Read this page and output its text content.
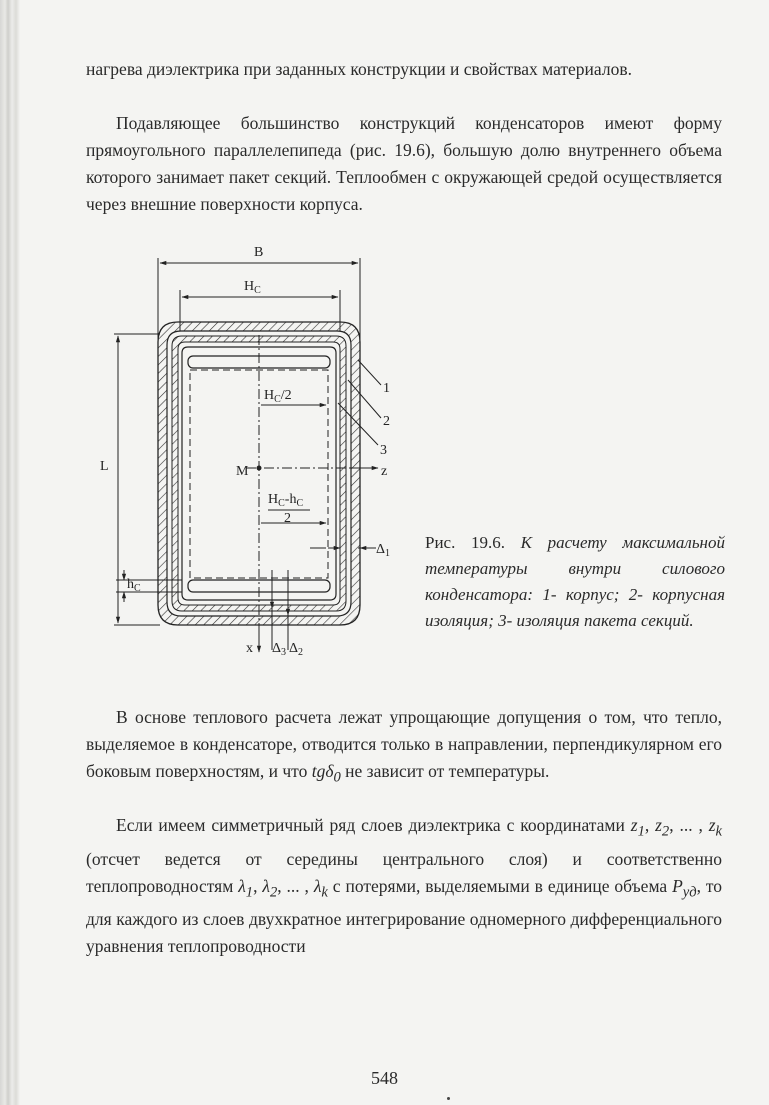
нагрева диэлектрика при заданных конструкции и свойствах материалов.

Подавляющее большинство конструкций конденсаторов имеют форму прямоугольного параллелепипеда (рис. 19.6), большую долю внутреннего объема которого занимает пакет секций. Теплообмен с окружающей средой осуществляется через внешние поверхности корпуса.

B
$H_C$
L
$H_C/2$
M	z
$H_C-h_C$
2
$h_C$
x $\Delta_3$ $\Delta_2$
$\Delta_1$
1
2
3

Рис. 19.6. К расчету максимальной температуры внутри силового конденсатора: 1- корпус; 2- корпусная изоляция; 3- изоляция пакета секций.

В основе теплового расчета лежат упрощающие допущения о том, что тепло, выделяемое в конденсаторе, отводится только в направлении, перпендикулярном его боковым поверхностям, и что tgδ$_0$ не зависит от температуры.

Если имеем симметричный ряд слоев диэлектрика с координатами $z_1$, $z_2$, ... , $z_k$ (отсчет ведется от середины центрального слоя) и соответственно теплопроводностям $\lambda_1$, $\lambda_2$, ... , $\lambda_k$ с потерями, выделяемыми в единице объема $P_{уд}$, то для каждого из слоев двухкратное интегрирование одномерного дифференциального уравнения теплопроводности

548
